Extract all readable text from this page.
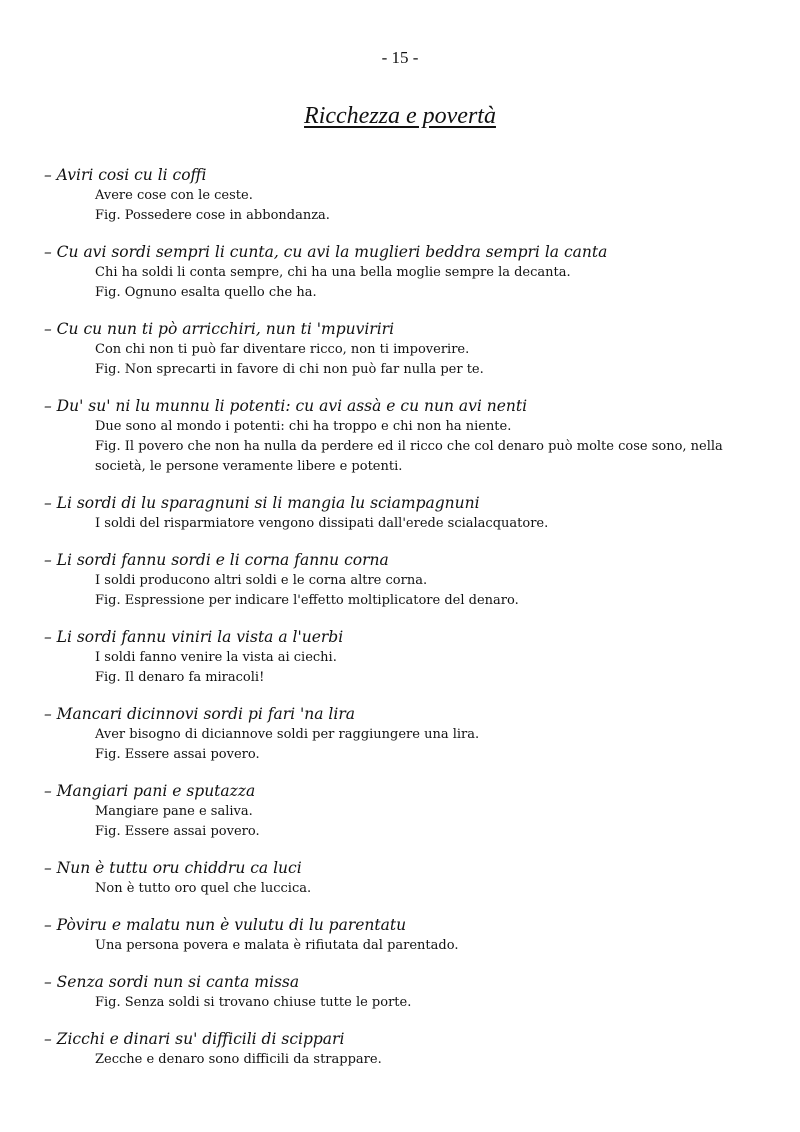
- 15 -
Ricchezza e povertà
– Aviri cosi cu li coffi
Avere cose con le ceste.
Fig. Possedere cose in abbondanza.
– Cu avi sordi sempri li cunta, cu avi la muglieri beddra sempri la canta
Chi ha soldi li conta sempre, chi ha una bella moglie sempre la decanta.
Fig. Ognuno esalta quello che ha.
– Cu cu nun ti pò arricchiri, nun ti 'mpuviriri
Con chi non ti può far diventare ricco, non ti impoverire.
Fig. Non sprecarti in favore di chi non può far nulla per te.
– Du' su' ni lu munnu li potenti: cu avi assà e cu nun avi nenti
Due sono al mondo i potenti: chi ha troppo e chi non ha niente.
Fig. Il povero che non ha nulla da perdere ed il ricco che col denaro può molte cose sono, nella società, le persone veramente libere e potenti.
– Li sordi di lu sparagnuni si li mangia lu sciampagnuni
I soldi del risparmiatore vengono dissipati dall'erede scialacquatore.
– Li sordi fannu sordi e li corna fannu corna
I soldi producono altri soldi e le corna altre corna.
Fig. Espressione per indicare l'effetto moltiplicatore del denaro.
– Li sordi fannu viniri la vista a l'uerbi
I soldi fanno venire la vista ai ciechi.
Fig. Il denaro fa miracoli!
– Mancari dicinnovi sordi pi fari 'na lira
Aver bisogno di diciannove soldi per raggiungere una lira.
Fig. Essere assai povero.
– Mangiari pani e sputazza
Mangiare pane e saliva.
Fig. Essere assai povero.
– Nun è tuttu oru chiddru ca luci
Non è tutto oro quel che luccica.
– Pòviru e malatu nun è vulutu di lu parentatu
Una persona povera e malata è rifiutata dal parentado.
– Senza sordi nun si canta missa
Fig. Senza soldi si trovano chiuse tutte le porte.
– Zicchi e dinari su' difficili di scippari
Zecche e denaro sono difficili da strappare.
